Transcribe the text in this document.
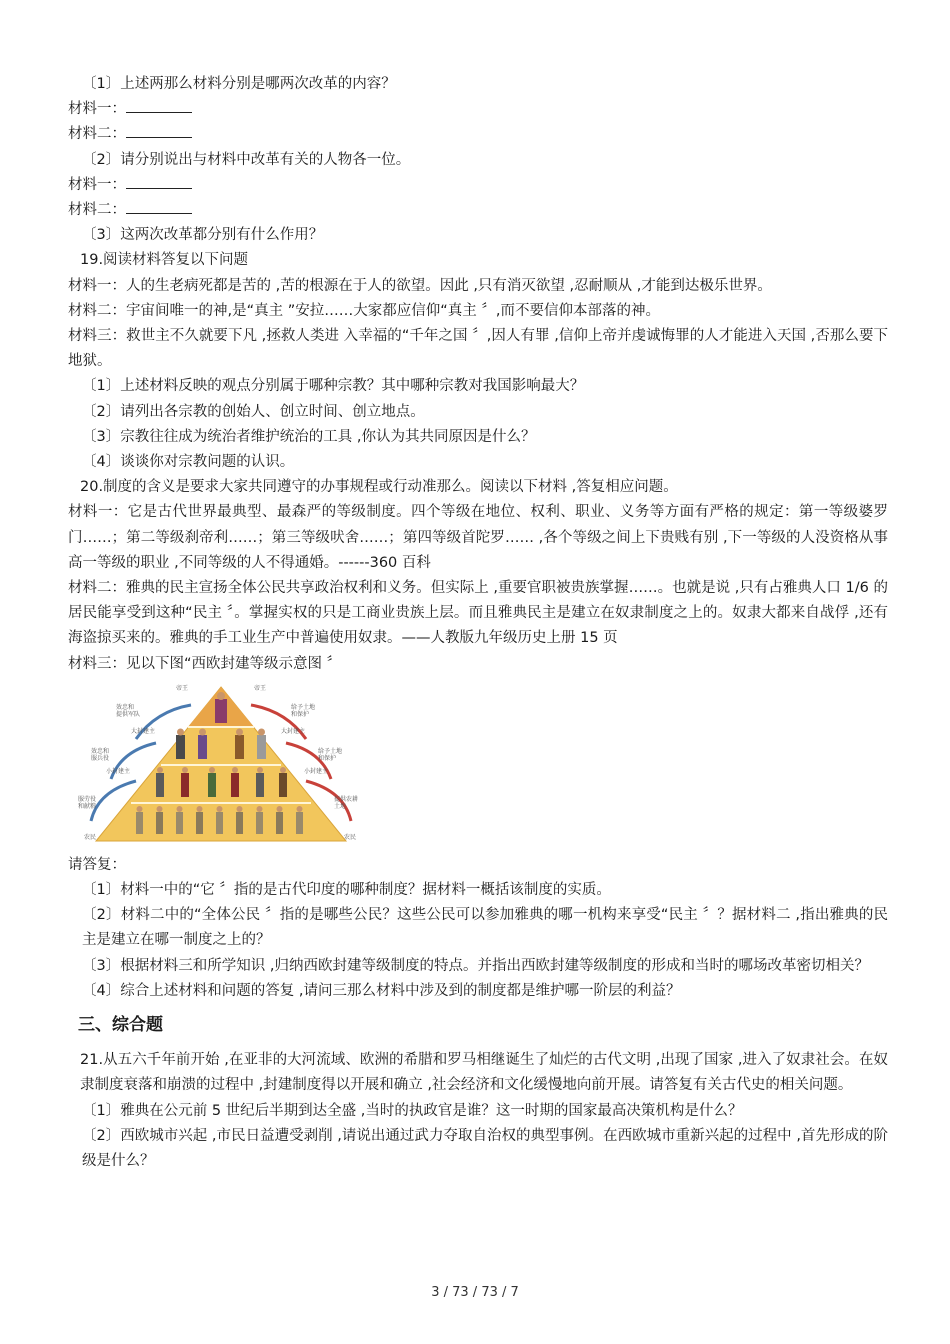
〔1〕上述两那么材料分别是哪两次改革的内容？
材料一：
材料二：
〔2〕请分别说出与材料中改革有关的人物各一位。
材料一：
材料二：
〔3〕这两次改革都分别有什么作用？
19.阅读材料答复以下问题
材料一：人的生老病死都是苦的 ,苦的根源在于人的欲望。因此 ,只有消灭欲望 ,忍耐顺从 ,才能到达极乐世界。
材料二：宇宙间唯一的神,是“真主 ”安拉……大家都应信仰“真主 〞,而不要信仰本部落的神。
材料三：救世主不久就要下凡 ,拯救人类进 入幸福的“千年之国 〞,因人有罪 ,信仰上帝并虔诚悔罪的人才能进入天国 ,否那么要下地狱。
〔1〕上述材料反映的观点分别属于哪种宗教？其中哪种宗教对我国影响最大？
〔2〕请列出各宗教的创始人、创立时间、创立地点。
〔3〕宗教往往成为统治者维护统治的工具 ,你认为其共同原因是什么？
〔4〕谈谈你对宗教问题的认识。
20.制度的含义是要求大家共同遵守的办事规程或行动准那么。阅读以下材料 ,答复相应问题。
材料一：它是古代世界最典型、最森严的等级制度。四个等级在地位、权利、职业、义务等方面有严格的规定：第一等级婆罗门……；第二等级刹帝利……；第三等级吠舍……；第四等级首陀罗…… ,各个等级之间上下贵贱有别 ,下一等级的人没资格从事高一等级的职业 ,不同等级的人不得通婚。------360 百科
材料二：雅典的民主宣扬全体公民共享政治权利和义务。但实际上 ,重要官职被贵族掌握……。也就是说 ,只有占雅典人口 1/6 的居民能享受到这种“民主 〞。掌握实权的只是工商业贵族上层。而且雅典民主是建立在奴隶制度之上的。奴隶大都来自战俘 ,还有海盗掠买来的。雅典的手工业生产中普遍使用奴隶。——人教版九年级历史上册 15 页
材料三：见以下图“西欧封建等级示意图 〞
帝王	帝王
效忠和提供军队
给予土地和保护
大封建主	大封建主
效忠和服兵役
给予土地和保护
小封建主	小封建主
服劳役和献粮
提供农耕土地
农民	农民
请答复：
〔1〕材料一中的“它 〞指的是古代印度的哪种制度？据材料一概括该制度的实质。
〔2〕材料二中的“全体公民 〞指的是哪些公民？这些公民可以参加雅典的哪一机构来享受“民主 〞？据材料二 ,指出雅典的民主是建立在哪一制度之上的？
〔3〕根据材料三和所学知识 ,归纳西欧封建等级制度的特点。并指出西欧封建等级制度的形成和当时的哪场改革密切相关？
〔4〕综合上述材料和问题的答复 ,请问三那么材料中涉及到的制度都是维护哪一阶层的利益？
三、综合题
21.从五六千年前开始 ,在亚非的大河流域、欧洲的希腊和罗马相继诞生了灿烂的古代文明 ,出现了国家 ,进入了奴隶社会。在奴隶制度衰落和崩溃的过程中 ,封建制度得以开展和确立 ,社会经济和文化缓慢地向前开展。请答复有关古代史的相关问题。
〔1〕雅典在公元前 5 世纪后半期到达全盛 ,当时的执政官是谁？这一时期的国家最高决策机构是什么？
〔2〕西欧城市兴起 ,市民日益遭受剥削 ,请说出通过武力夺取自治权的典型事例。在西欧城市重新兴起的过程中 ,首先形成的阶级是什么？
3 / 73 / 73 / 7
